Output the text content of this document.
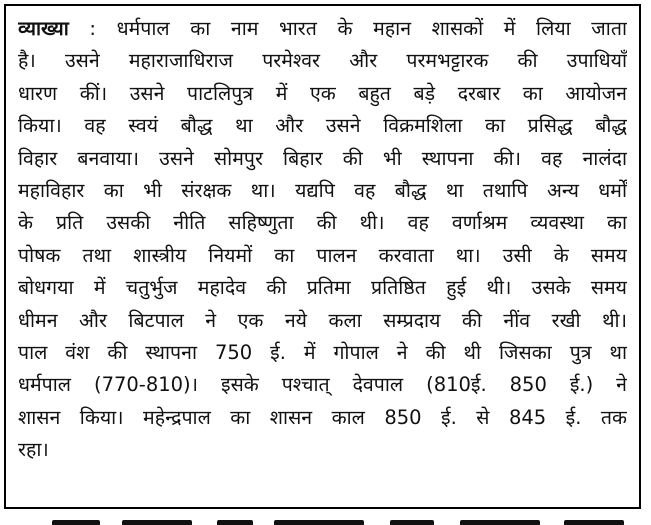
व्याख्या : धर्मपाल का नाम भारत के महान शासकों में लिया जाता
है। उसने महाराजाधिराज परमेश्वर और परमभट्टारक की उपाधियाँ
धारण कीं। उसने पाटलिपुत्र में एक बहुत बड़े दरबार का आयोजन
किया। वह स्वयं बौद्ध था और उसने विक्रमशिला का प्रसिद्ध बौद्ध
विहार बनवाया। उसने सोमपुर बिहार की भी स्थापना की। वह नालंदा
महाविहार का भी संरक्षक था। यद्यपि वह बौद्ध था तथापि अन्य धर्मों
के प्रति उसकी नीति सहिष्णुता की थी। वह वर्णाश्रम व्यवस्था का
पोषक तथा शास्त्रीय नियमों का पालन करवाता था। उसी के समय
बोधगया में चतुर्भुज महादेव की प्रतिमा प्रतिष्ठित हुई थी। उसके समय
धीमन और बिटपाल ने एक नये कला सम्प्रदाय की नींव रखी थी।
पाल वंश की स्थापना 750 ई. में गोपाल ने की थी जिसका पुत्र था
धर्मपाल (770-810)। इसके पश्चात् देवपाल (810ई. 850 ई.) ने
शासन किया। महेन्द्रपाल का शासन काल 850 ई. से 845 ई. तक
रहा।
